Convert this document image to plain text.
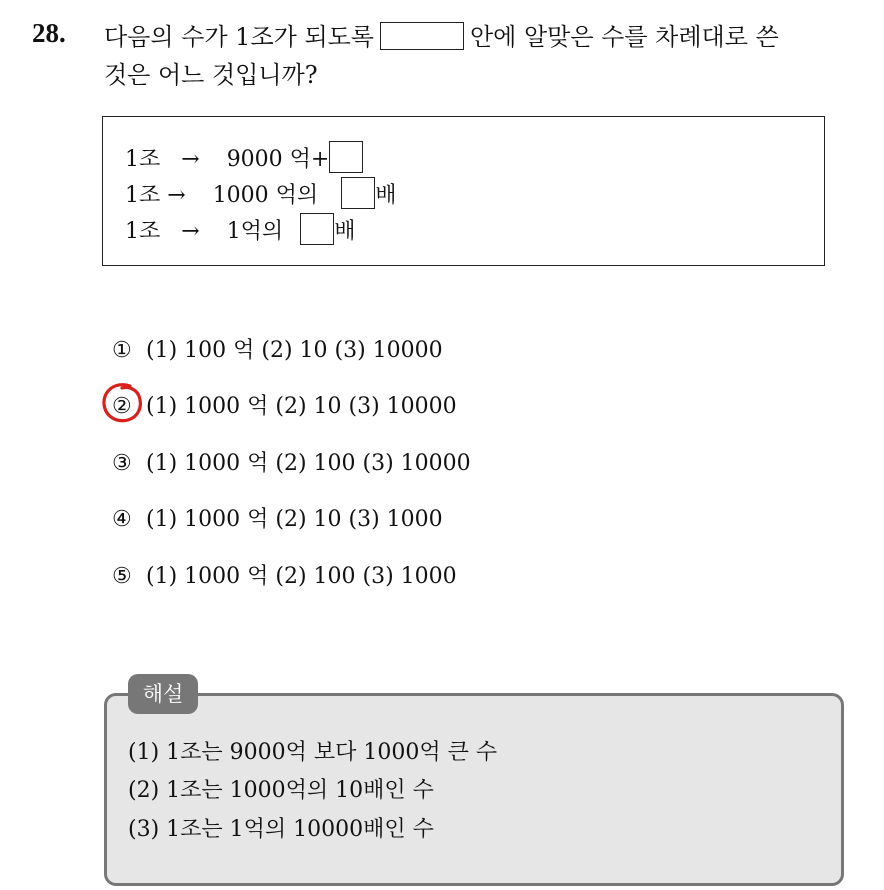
28. 다음의 수가 1조가 되도록	안에 알맞은 수를 차례대로 쓴
것은 어느 것입니까?
1조 → 9000 억+
1조 → 1000 억의	배
1조 → 1억의 배
① (1) 100 억 (2) 10 (3) 10000
② (1) 1000 억 (2) 10 (3) 10000
③ (1) 1000 억 (2) 100 (3) 10000
④ (1) 1000 억 (2) 10 (3) 1000
⑤ (1) 1000 억 (2) 100 (3) 1000
해설
(1) 1조는 9000억 보다 1000억 큰 수
(2) 1조는 1000억의 10배인 수
(3) 1조는 1억의 10000배인 수
